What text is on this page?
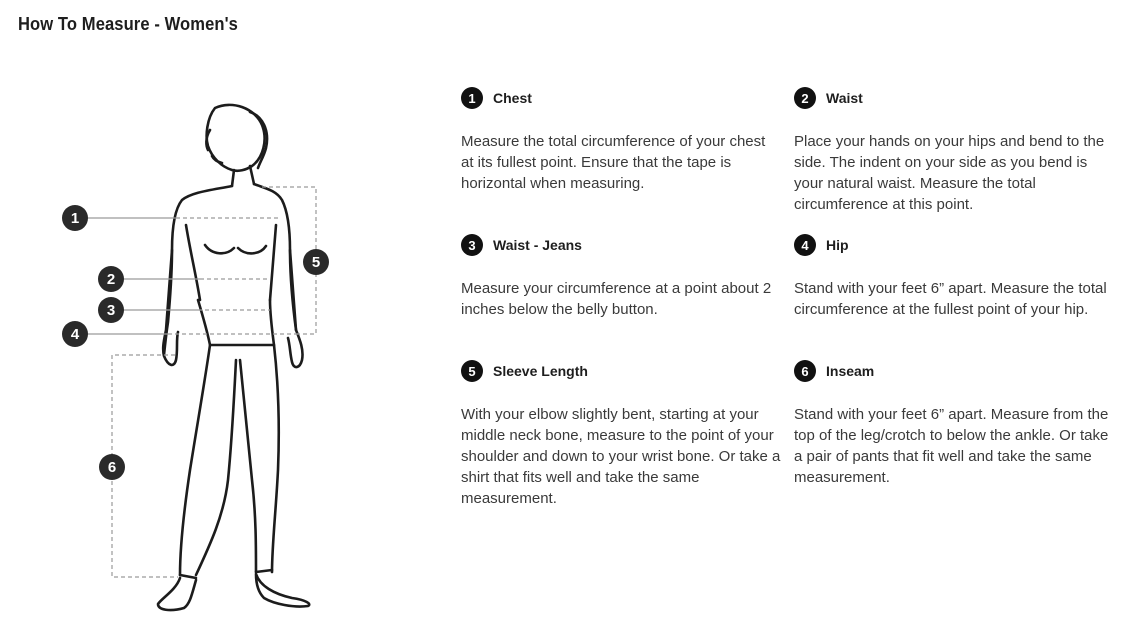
How To Measure - Women's
1
2
3
4
5
6
1	Chest
Measure the total circumference of your chest at its fullest point. Ensure that the tape is horizontal when measuring.
2	Waist
Place your hands on your hips and bend to the side. The indent on your side as you bend is your natural waist. Measure the total circumference at this point.
3	Waist - Jeans
Measure your circumference at a point about 2 inches below the belly button.
4	Hip
Stand with your feet 6” apart. Measure the total circumference at the fullest point of your hip.
5	Sleeve Length
With your elbow slightly bent, starting at your middle neck bone, measure to the point of your shoulder and down to your wrist bone. Or take a shirt that fits well and take the same measurement.
6	Inseam
Stand with your feet 6” apart. Measure from the top of the leg/crotch to below the ankle. Or take a pair of pants that fit well and take the same measurement.
